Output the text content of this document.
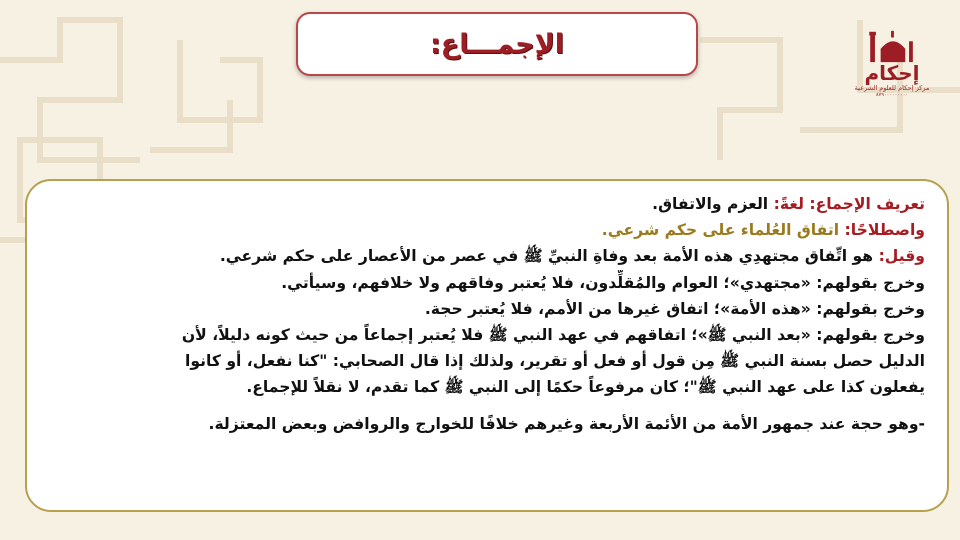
الإجمـــاع:
إحكام
مركز إحكام للعلوم الشرعية
٨٧٩٠٠٠٠٠٠٠٠٠
تعريف الإجماع: لغةً: العزم والاتفاق.
واصطلاحًا: اتفاق العُلماء على حكم شرعي.
وقيل: هو اتِّفاق مجتهدِي هذه الأمة بعد وفاةِ النبيِّ ﷺ في عصر من الأعصار على حكم شرعي.
وخرج بقولهم: «مجتهدي»؛ العوام والمُقلِّدون، فلا يُعتبر وفاقهم ولا خلافهم، وسيأتي.
وخرج بقولهم: «هذه الأمة»؛ اتفاق غيرها من الأمم، فلا يُعتبر حجة.
وخرج بقولهم: «بعد النبي ﷺ»؛ اتفاقهم في عهد النبي ﷺ فلا يُعتبر إجماعاً من حيث كونه دليلاً، لأن
الدليل حصل بسنة النبي ﷺ مِن قول أو فعل أو تقرير، ولذلك إذا قال الصحابي: "كنا نفعل، أو كانوا
يفعلون كذا على عهد النبي ﷺ"؛ كان مرفوعاً حكمًا إلى النبي ﷺ كما تقدم، لا نقلاً للإجماع.
-وهو حجة عند جمهور الأمة من الأئمة الأربعة وغيرهم خلافًا للخوارج والروافض وبعض المعتزلة.
